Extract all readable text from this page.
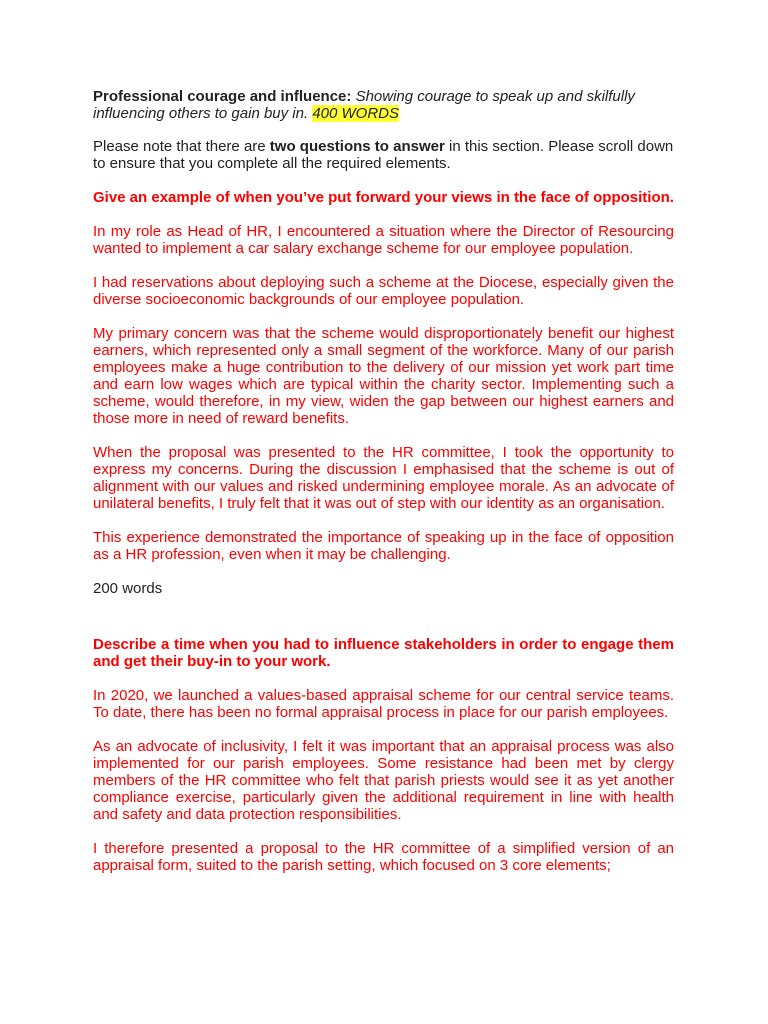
Professional courage and influence: Showing courage to speak up and skilfully influencing others to gain buy in. 400 WORDS

Please note that there are two questions to answer in this section. Please scroll down to ensure that you complete all the required elements.

Give an example of when you’ve put forward your views in the face of opposition.

In my role as Head of HR, I encountered a situation where the Director of Resourcing wanted to implement a car salary exchange scheme for our employee population.

I had reservations about deploying such a scheme at the Diocese, especially given the diverse socioeconomic backgrounds of our employee population.

My primary concern was that the scheme would disproportionately benefit our highest earners, which represented only a small segment of the workforce. Many of our parish employees make a huge contribution to the delivery of our mission yet work part time and earn low wages which are typical within the charity sector. Implementing such a scheme, would therefore, in my view, widen the gap between our highest earners and those more in need of reward benefits.

When the proposal was presented to the HR committee, I took the opportunity to express my concerns. During the discussion I emphasised that the scheme is out of alignment with our values and risked undermining employee morale. As an advocate of unilateral benefits, I truly felt that it was out of step with our identity as an organisation.

This experience demonstrated the importance of speaking up in the face of opposition as a HR profession, even when it may be challenging.

200 words

Describe a time when you had to influence stakeholders in order to engage them and get their buy-in to your work.

In 2020, we launched a values-based appraisal scheme for our central service teams. To date, there has been no formal appraisal process in place for our parish employees.

As an advocate of inclusivity, I felt it was important that an appraisal process was also implemented for our parish employees. Some resistance had been met by clergy members of the HR committee who felt that parish priests would see it as yet another compliance exercise, particularly given the additional requirement in line with health and safety and data protection responsibilities.

I therefore presented a proposal to the HR committee of a simplified version of an appraisal form, suited to the parish setting, which focused on 3 core elements;
